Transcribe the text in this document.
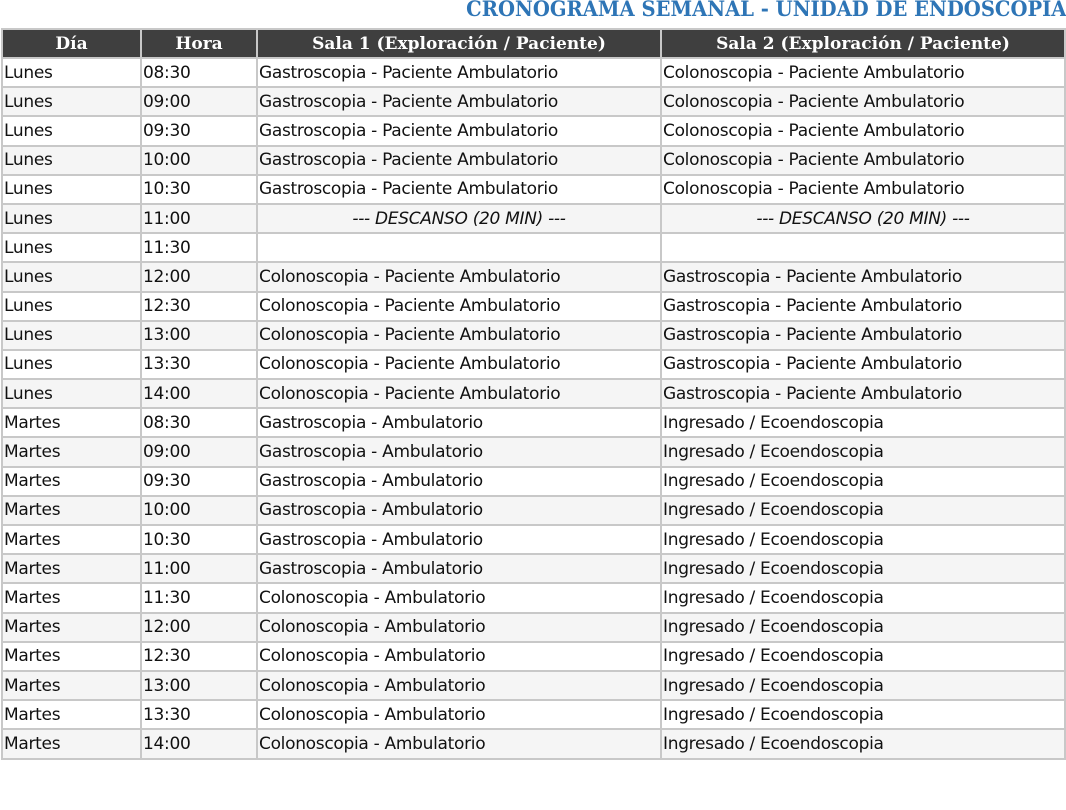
CRONOGRAMA SEMANAL - UNIDAD DE ENDOSCOPIA
Día	Hora	Sala 1 (Exploración / Paciente)	Sala 2 (Exploración / Paciente)
Lunes	08:30	Gastroscopia - Paciente Ambulatorio	Colonoscopia - Paciente Ambulatorio
Lunes	09:00	Gastroscopia - Paciente Ambulatorio	Colonoscopia - Paciente Ambulatorio
Lunes	09:30	Gastroscopia - Paciente Ambulatorio	Colonoscopia - Paciente Ambulatorio
Lunes	10:00	Gastroscopia - Paciente Ambulatorio	Colonoscopia - Paciente Ambulatorio
Lunes	10:30	Gastroscopia - Paciente Ambulatorio	Colonoscopia - Paciente Ambulatorio
Lunes	11:00	--- DESCANSO (20 MIN) ---	--- DESCANSO (20 MIN) ---
Lunes	11:30		
Lunes	12:00	Colonoscopia - Paciente Ambulatorio	Gastroscopia - Paciente Ambulatorio
Lunes	12:30	Colonoscopia - Paciente Ambulatorio	Gastroscopia - Paciente Ambulatorio
Lunes	13:00	Colonoscopia - Paciente Ambulatorio	Gastroscopia - Paciente Ambulatorio
Lunes	13:30	Colonoscopia - Paciente Ambulatorio	Gastroscopia - Paciente Ambulatorio
Lunes	14:00	Colonoscopia - Paciente Ambulatorio	Gastroscopia - Paciente Ambulatorio
Martes	08:30	Gastroscopia - Ambulatorio	Ingresado / Ecoendoscopia
Martes	09:00	Gastroscopia - Ambulatorio	Ingresado / Ecoendoscopia
Martes	09:30	Gastroscopia - Ambulatorio	Ingresado / Ecoendoscopia
Martes	10:00	Gastroscopia - Ambulatorio	Ingresado / Ecoendoscopia
Martes	10:30	Gastroscopia - Ambulatorio	Ingresado / Ecoendoscopia
Martes	11:00	Gastroscopia - Ambulatorio	Ingresado / Ecoendoscopia
Martes	11:30	Colonoscopia - Ambulatorio	Ingresado / Ecoendoscopia
Martes	12:00	Colonoscopia - Ambulatorio	Ingresado / Ecoendoscopia
Martes	12:30	Colonoscopia - Ambulatorio	Ingresado / Ecoendoscopia
Martes	13:00	Colonoscopia - Ambulatorio	Ingresado / Ecoendoscopia
Martes	13:30	Colonoscopia - Ambulatorio	Ingresado / Ecoendoscopia
Martes	14:00	Colonoscopia - Ambulatorio	Ingresado / Ecoendoscopia
